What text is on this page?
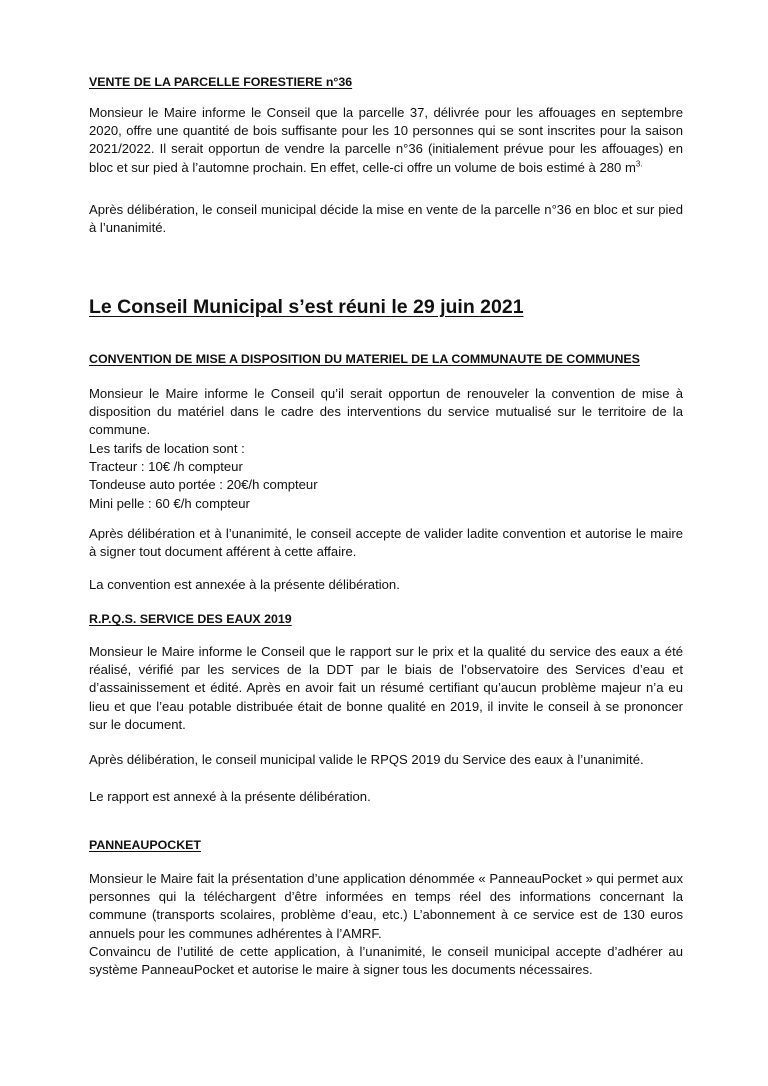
VENTE DE LA PARCELLE FORESTIERE n°36

Monsieur le Maire informe le Conseil que la parcelle 37, délivrée pour les affouages en septembre 2020, offre une quantité de bois suffisante pour les 10 personnes qui se sont inscrites pour la saison 2021/2022. Il serait opportun de vendre la parcelle n°36 (initialement prévue pour les affouages) en bloc et sur pied à l’automne prochain. En effet, celle-ci offre un volume de bois estimé à 280 $m^{3.}$

Après délibération, le conseil municipal décide la mise en vente de la parcelle n°36 en bloc et sur pied à l’unanimité.

Le Conseil Municipal s’est réuni le 29 juin 2021
CONVENTION DE MISE A DISPOSITION DU MATERIEL DE LA COMMUNAUTE DE COMMUNES

Monsieur le Maire informe le Conseil qu’il serait opportun de renouveler la convention de mise à disposition du matériel dans le cadre des interventions du service mutualisé sur le territoire de la commune.

Les tarifs de location sont :
Tracteur : 10€ /h compteur
Tondeuse auto portée : 20€/h compteur
Mini pelle : 60 €/h compteur

Après délibération et à l’unanimité, le conseil accepte de valider ladite convention et autorise le maire à signer tout document afférent à cette affaire.

La convention est annexée à la présente délibération.

R.P.Q.S. SERVICE DES EAUX 2019

Monsieur le Maire informe le Conseil que le rapport sur le prix et la qualité du service des eaux a été réalisé, vérifié par les services de la DDT par le biais de l’observatoire des Services d’eau et d’assainissement et édité. Après en avoir fait un résumé certifiant qu’aucun problème majeur n’a eu lieu et que l’eau potable distribuée était de bonne qualité en 2019, il invite le conseil à se prononcer sur le document.

Après délibération, le conseil municipal valide le RPQS 2019 du Service des eaux à l’unanimité.

Le rapport est annexé à la présente délibération.

PANNEAUPOCKET

Monsieur le Maire fait la présentation d’une application dénommée « PanneauPocket » qui permet aux personnes qui la téléchargent d’être informées en temps réel des informations concernant la commune (transports scolaires, problème d’eau, etc.) L’abonnement à ce service est de 130 euros annuels pour les communes adhérentes à l’AMRF.

Convaincu de l’utilité de cette application, à l’unanimité, le conseil municipal accepte d’adhérer au système PanneauPocket et autorise le maire à signer tous les documents nécessaires.
